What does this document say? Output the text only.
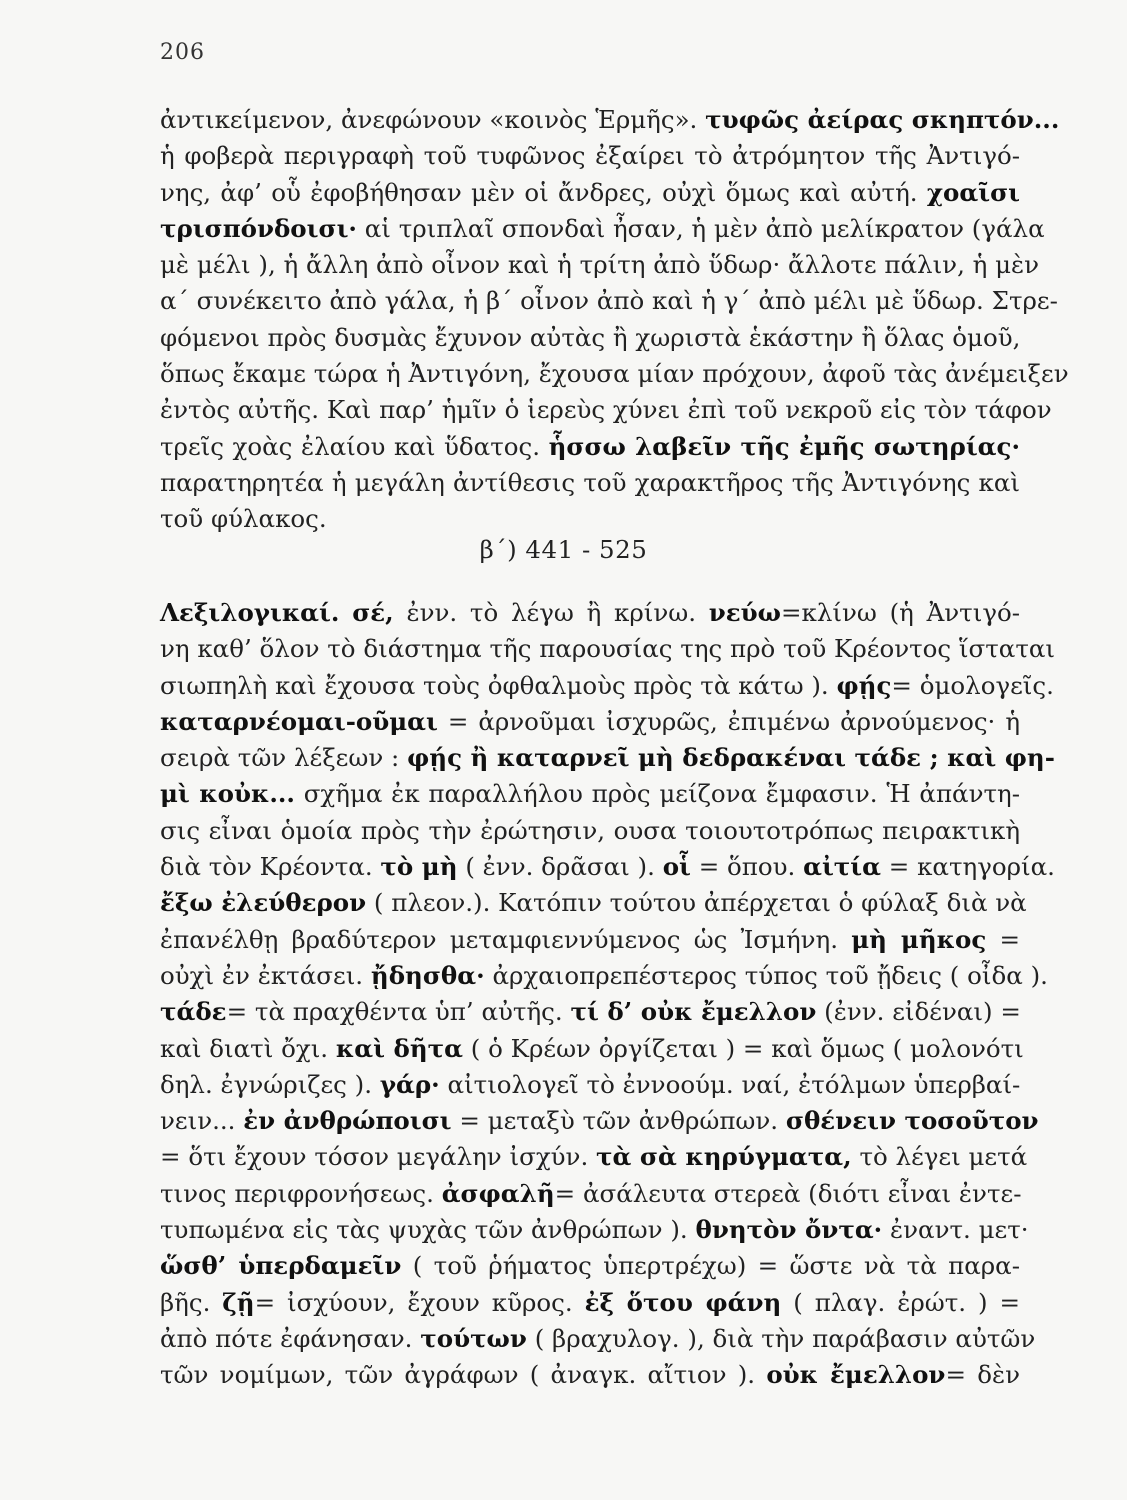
206
ἀντικείμενον, ἀνεφώνουν «κοινὸς Ἑρμῆς». τυφῶς ἀείρας σκηπτόν...
ἡ φοβερὰ περιγραφὴ τοῦ τυφῶνος ἐξαίρει τὸ ἀτρόμητον τῆς Ἀντιγό-
νης, ἀφ’ οὗ ἐφοβήθησαν μὲν οἱ ἄνδρες, οὐχὶ ὅμως καὶ αὐτή. χοαῖσι
τρισπόνδοισι· αἱ τριπλαῖ σπονδαὶ ἦσαν, ἡ μὲν ἀπὸ μελίκρατον (γάλα
μὲ μέλι ), ἡ ἄλλη ἀπὸ οἶνον καὶ ἡ τρίτη ἀπὸ ὕδωρ· ἄλλοτε πάλιν, ἡ μὲν
α΄ συνέκειτο ἀπὸ γάλα, ἡ β΄ οἶνον ἀπὸ καὶ ἡ γ΄ ἀπὸ μέλι μὲ ὕδωρ. Στρε-
φόμενοι πρὸς δυσμὰς ἔχυνον αὐτὰς ἢ χωριστὰ ἑκάστην ἢ ὅλας ὁμοῦ,
ὅπως ἔκαμε τώρα ἡ Ἀντιγόνη, ἔχουσα μίαν πρόχουν, ἀφοῦ τὰς ἀνέμειξεν
ἐντὸς αὐτῆς. Καὶ παρ’ ἡμῖν ὁ ἱερεὺς χύνει ἐπὶ τοῦ νεκροῦ εἰς τὸν τάφον
τρεῖς χοὰς ἐλαίου καὶ ὕδατος. ἧσσω λαβεῖν τῆς ἐμῆς σωτηρίας·
παρατηρητέα ἡ μεγάλη ἀντίθεσις τοῦ χαρακτῆρος τῆς Ἀντιγόνης καὶ
τοῦ φύλακος.
β΄) 441 - 525
Λεξιλογικαί. σέ, ἐνν. τὸ λέγω ἢ κρίνω. νεύω=κλίνω (ἡ Ἀντιγό-
νη καθ’ ὅλον τὸ διάστημα τῆς παρουσίας της πρὸ τοῦ Κρέοντος ἵσταται
σιωπηλὴ καὶ ἔχουσα τοὺς ὀφθαλμοὺς πρὸς τὰ κάτω ). φῄς= ὁμολογεῖς.
καταρνέομαι-οῦμαι = ἀρνοῦμαι ἰσχυρῶς, ἐπιμένω ἀρνούμενος· ἡ
σειρὰ τῶν λέξεων : φῄς ἢ καταρνεῖ μὴ δεδρακέναι τάδε ; καὶ φη-
μὶ κοὐκ... σχῆμα ἐκ παραλλήλου πρὸς μείζονα ἔμφασιν. Ἡ ἀπάντη-
σις εἶναι ὁμοία πρὸς τὴν ἐρώτησιν, ουσα τοιουτοτρόπως πειρακτικὴ
διὰ τὸν Κρέοντα. τὸ μὴ ( ἐνν. δρᾶσαι ). οἷ = ὅπου. αἰτία = κατηγορία.
ἔξω ἐλεύθερον ( πλεον.). Κατόπιν τούτου ἀπέρχεται ὁ φύλαξ διὰ νὰ
ἐπανέλθῃ βραδύτερον μεταμφιεννύμενος ὡς Ἰσμήνη. μὴ μῆκος =
οὐχὶ ἐν ἐκτάσει. ᾔδησθα· ἀρχαιοπρεπέστερος τύπος τοῦ ᾔδεις ( οἶδα ).
τάδε= τὰ πραχθέντα ὑπ’ αὐτῆς. τί δ’ οὐκ ἔμελλον (ἐνν. εἰδέναι) =
καὶ διατὶ ὄχι. καὶ δῆτα ( ὁ Κρέων ὀργίζεται ) = καὶ ὅμως ( μολονότι
δηλ. ἐγνώριζες ). γάρ· αἰτιολογεῖ τὸ ἐννοούμ. ναί, ἐτόλμων ὑπερβαί-
νειν... ἐν ἀνθρώποισι = μεταξὺ τῶν ἀνθρώπων. σθένειν τοσοῦτον
= ὅτι ἔχουν τόσον μεγάλην ἰσχύν. τὰ σὰ κηρύγματα, τὸ λέγει μετά
τινος περιφρονήσεως. ἀσφαλῆ= ἀσάλευτα στερεὰ (διότι εἶναι ἐντε-
τυπωμένα εἰς τὰς ψυχὰς τῶν ἀνθρώπων ). θνητὸν ὄντα· ἐναντ. μετ·
ὥσθ’ ὑπερδαμεῖν ( τοῦ ῥήματος ὑπερτρέχω) = ὥστε νὰ τὰ παρα-
βῆς. ζῇ= ἰσχύουν, ἔχουν κῦρος. ἐξ ὅτου φάνη ( πλαγ. ἐρώτ. ) =
ἀπὸ πότε ἐφάνησαν. τούτων ( βραχυλογ. ), διὰ τὴν παράβασιν αὐτῶν
τῶν νομίμων, τῶν ἀγράφων ( ἀναγκ. αἴτιον ). οὐκ ἔμελλον= δὲν
